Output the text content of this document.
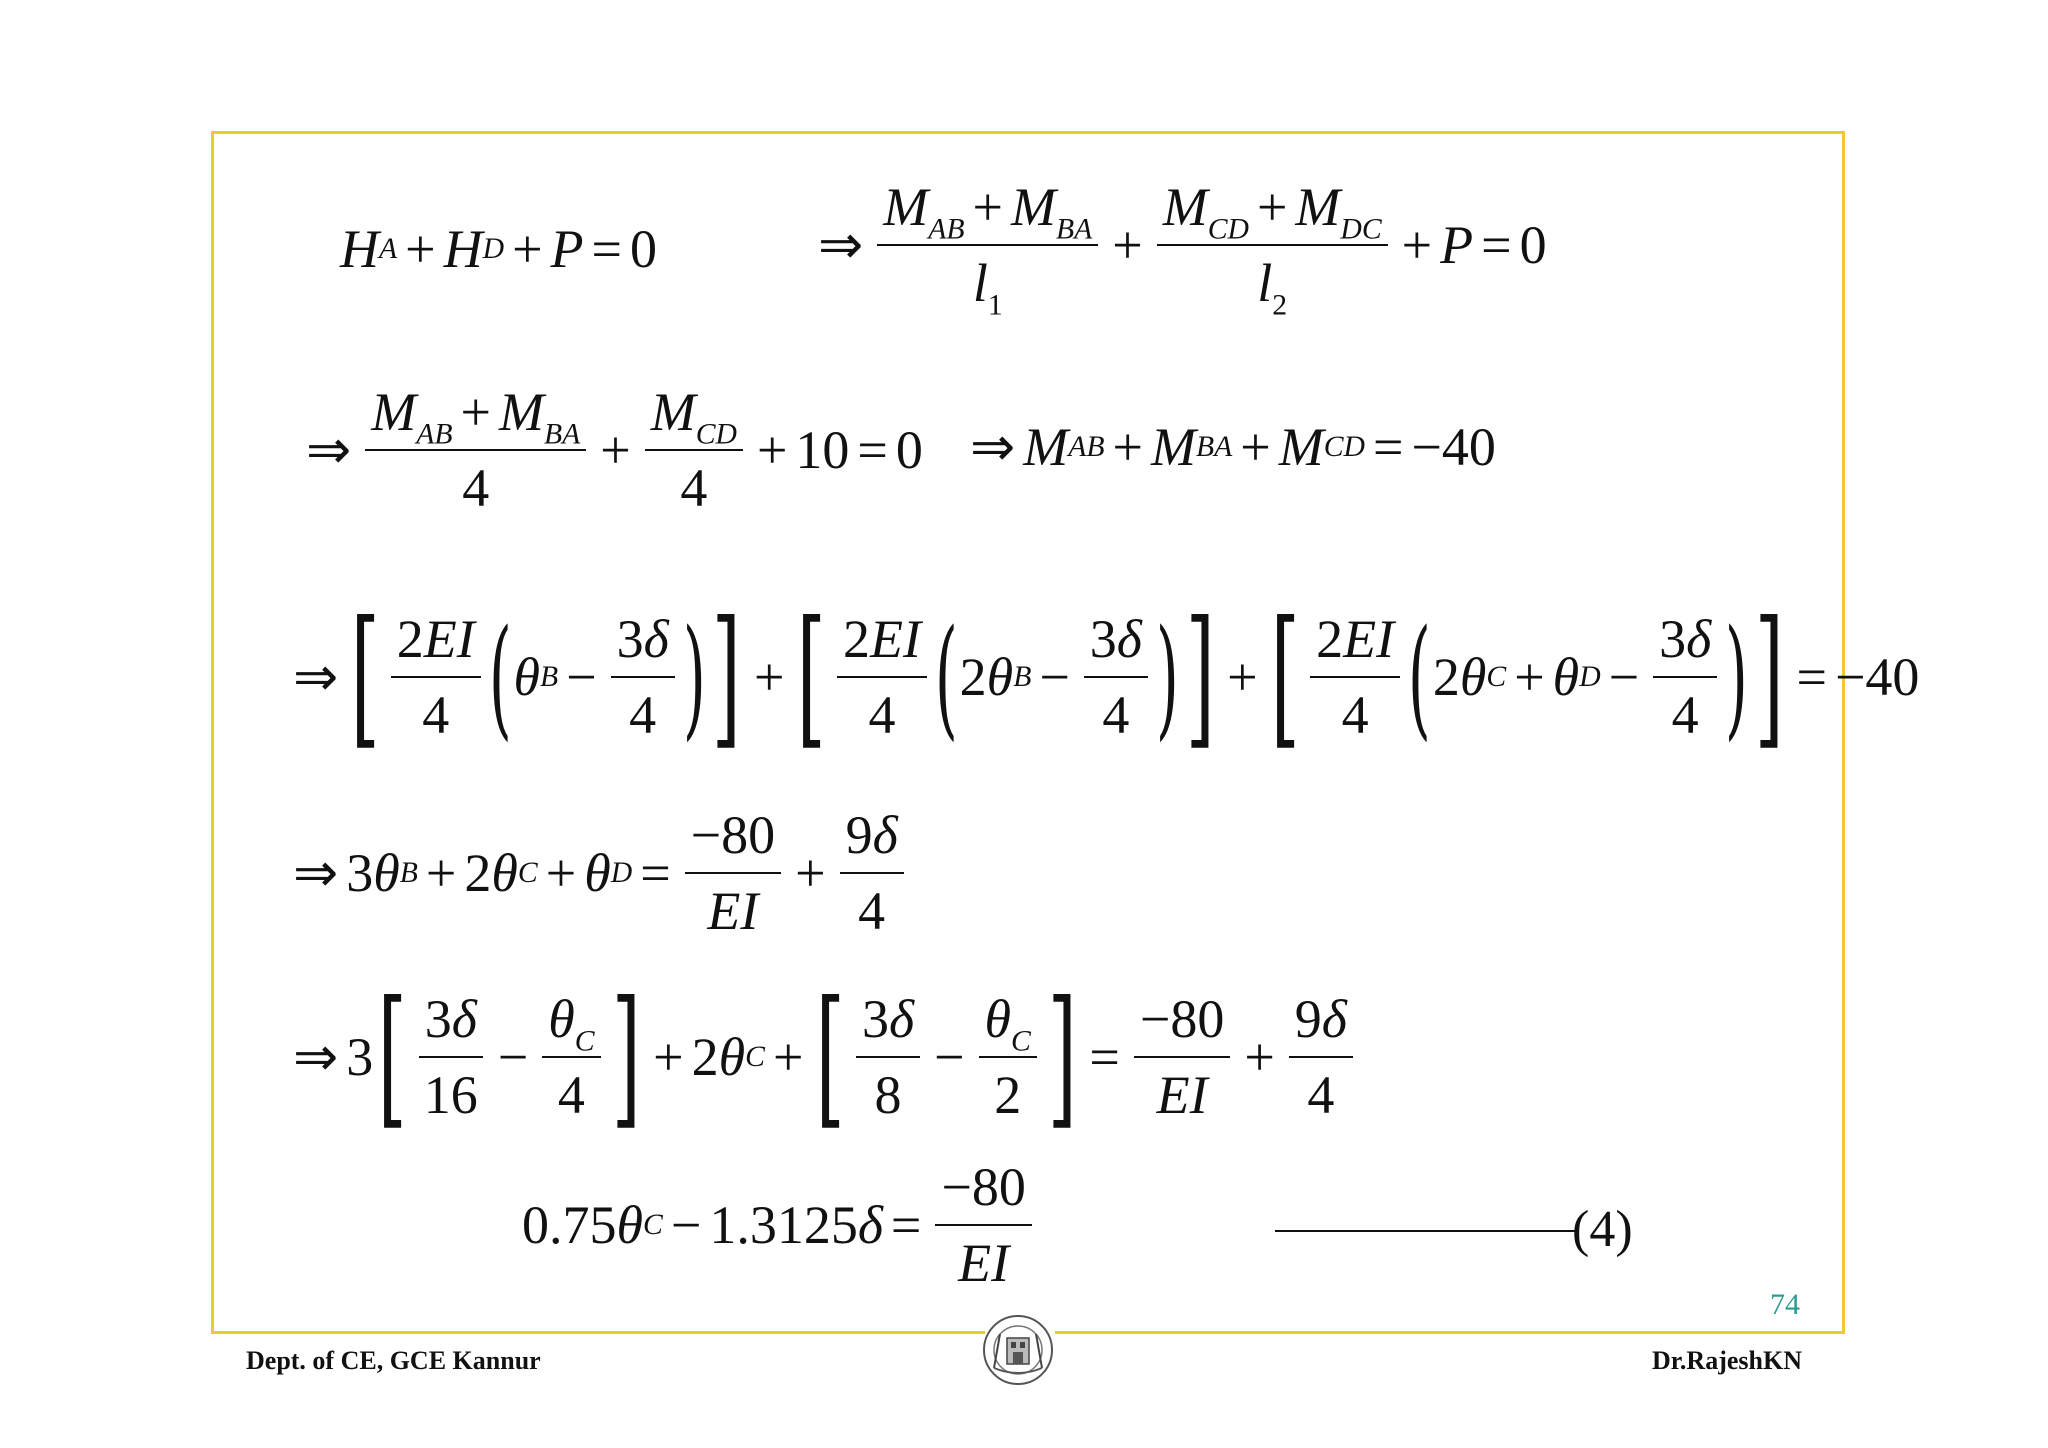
H A + H D + P = 0	⇒ $\frac{M_{AB} + M_{BA}}{l_1} + \frac{M_{CD} + M_{DC}}{l_2} + P = 0$
⇒ $\frac{M_{AB} + M_{BA}}{4} + \frac{M_{CD}}{4} + 10 = 0$ ⇒ M AB + M BA + M CD = −40
⇒ [ $\frac{2EI}{4}$ ( θ $B - \frac{3\delta}{4}$ ) ] + [ $\frac{2EI}{4}$ ( 2 θ $B - \frac{3\delta}{4}$ ) ] + [ $\frac{2EI}{4}$ ( 2 θ C + θ $D - \frac{3\delta}{4}$ ) ] = −40
⇒ 3 θ B + 2 θ C + θ $D = \frac{-80}{EI} + \frac{9\delta}{4}$
⇒ 3 [ $\frac{3\delta}{16} - \frac{\theta_C}{4}$ ] + 2 θ C + [ $\frac{3\delta}{8} - \frac{\theta_C}{2}$ ] = $\frac{-80}{EI} + \frac{9\delta}{4}$
0.75 θ C − 1.3125 $\delta = \frac{-80}{EI}$	(4)
74
Dept. of CE, GCE Kannur	Dr.RajeshKN
